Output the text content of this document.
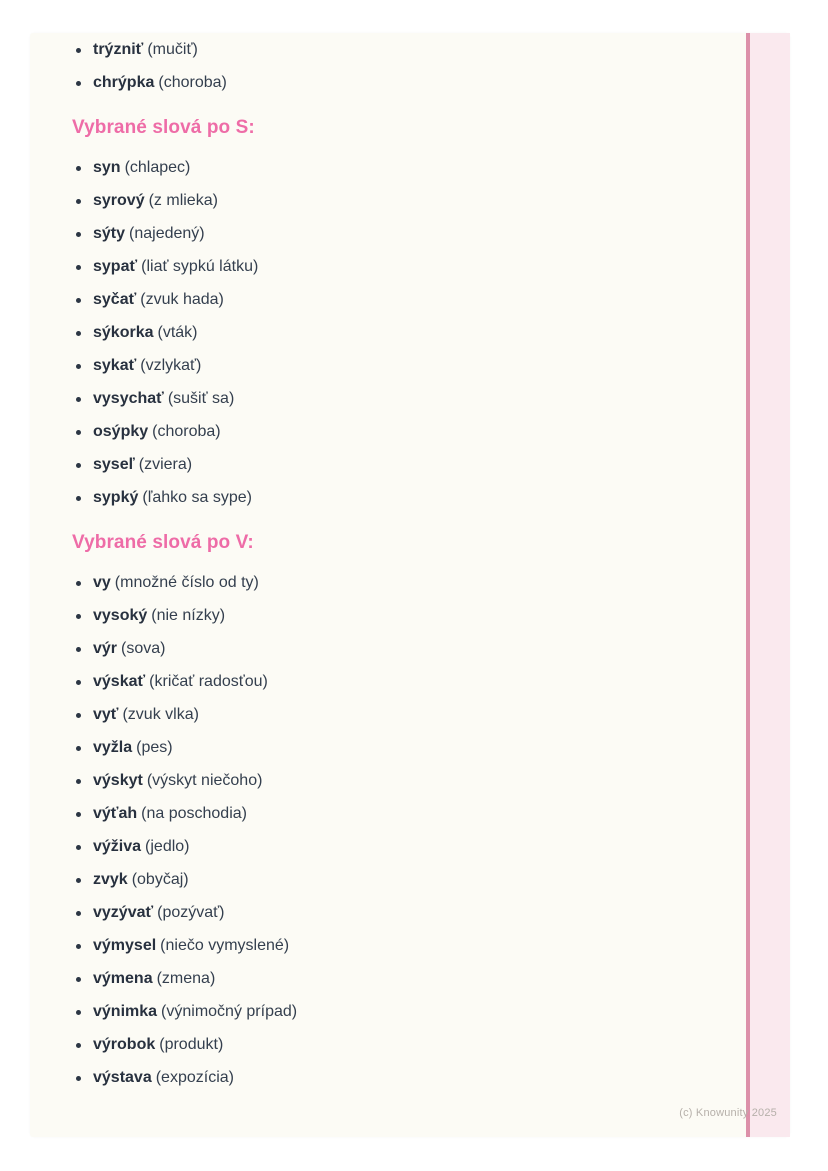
trýzniť (mučiť)
chrýpka (choroba)
Vybrané slová po S:
syn (chlapec)
syrový (z mlieka)
sýty (najedený)
sypať (liať sypkú látku)
syčať (zvuk hada)
sýkorka (vták)
sykať (vzlykať)
vysychať (sušiť sa)
osýpky (choroba)
syseľ (zviera)
sypký (ľahko sa sype)
Vybrané slová po V:
vy (množné číslo od ty)
vysoký (nie nízky)
výr (sova)
výskať (kričať radosťou)
vyť (zvuk vlka)
vyžla (pes)
výskyt (výskyt niečoho)
výťah (na poschodia)
výživa (jedlo)
zvyk (obyčaj)
vyzývať (pozývať)
výmysel (niečo vymyslené)
výmena (zmena)
výnimka (výnimočný prípad)
výrobok (produkt)
výstava (expozícia)
(c) Knowunity 2025
